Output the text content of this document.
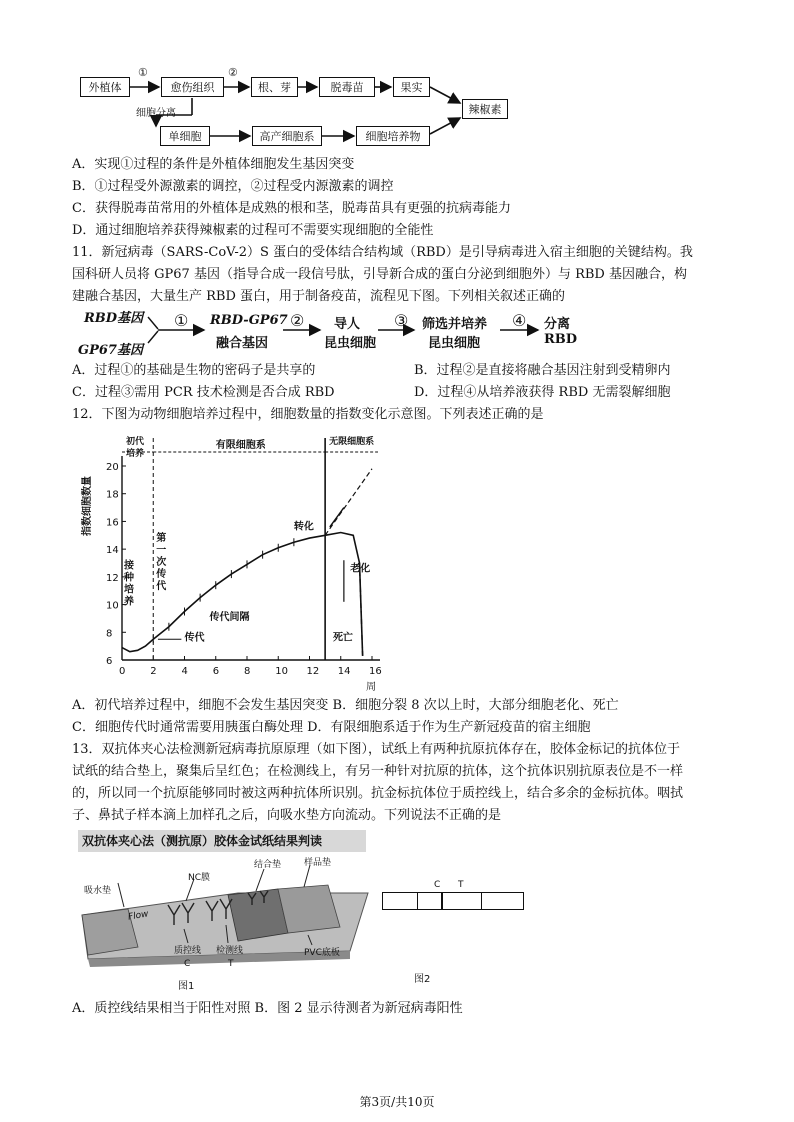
外植体	愈伤组织	根、芽	脱毒苗	果实
辣椒素
单细胞	高产细胞系	细胞培养物
①	②
细胞分离
A．实现①过程的条件是外植体细胞发生基因突变
B．①过程受外源激素的调控，②过程受内源激素的调控
C．获得脱毒苗常用的外植体是成熟的根和茎，脱毒苗具有更强的抗病毒能力
D．通过细胞培养获得辣椒素的过程可不需要实现细胞的全能性
11．新冠病毒（SARS-CoV-2）S 蛋白的受体结合结构域（RBD）是引导病毒进入宿主细胞的关键结构。我
国科研人员将 GP67 基因（指导合成一段信号肽，引导新合成的蛋白分泌到细胞外）与 RBD 基因融合，构
建融合基因，大量生产 RBD 蛋白，用于制备疫苗，流程见下图。下列相关叙述正确的
RBD基因
GP67基因
① RBD-GP67
融合基因
② 导人
昆虫细胞
③ 筛选并培养
昆虫细胞
④ 分离
RBD
A．过程①的基础是生物的密码子是共享的	B．过程②是直接将融合基因注射到受精卵内
C．过程③需用 PCR 技术检测是否合成 RBD	D．过程④从培养液获得 RBD 无需裂解细胞
12．下图为动物细胞培养过程中，细胞数量的指数变化示意图。下列表述正确的是
6
8
10
12
14
16
18
20
0 2 4 6 8 10 12 14 16
指数细胞数量
周
初代
培养
有限细胞系	无限细胞系
接
种
培
养
第
一
次
传
代
传代间隔
传代
转化
老化
死亡
A．初代培养过程中，细胞不会发生基因突变 B．细胞分裂 8 次以上时，大部分细胞老化、死亡
C．细胞传代时通常需要用胰蛋白酶处理 D．有限细胞系适于作为生产新冠疫苗的宿主细胞
13．双抗体夹心法检测新冠病毒抗原原理（如下图），试纸上有两种抗原抗体存在，胶体金标记的抗体位于
试纸的结合垫上，聚集后呈红色；在检测线上，有另一种针对抗原的抗体，这个抗体识别抗原表位是不一样
的，所以同一个抗原能够同时被这两种抗体所识别。抗金标抗体位于质控线上，结合多余的金标抗体。咽拭
子、鼻拭子样本滴上加样孔之后，向吸水垫方向流动。下列说法不正确的是
双抗体夹心法（测抗原）胶体金试纸结果判读
吸水垫
NC膜
结合垫	样品垫
Flow
质控线 检测线	PVC底板
C	T
图1
C T
图2
A．质控线结果相当于阳性对照 B．图 2 显示待测者为新冠病毒阳性
第3页/共10页
